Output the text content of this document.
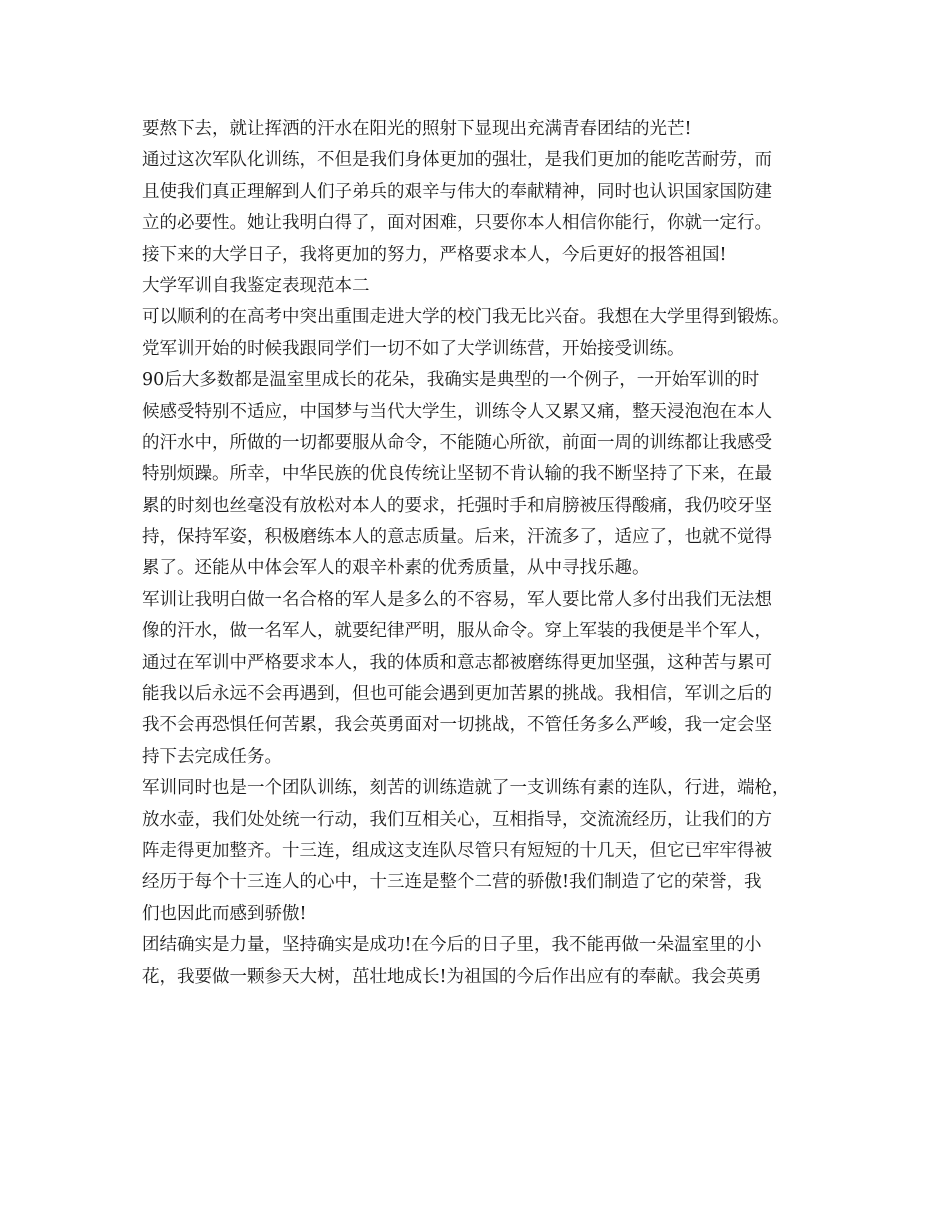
要熬下去，就让挥洒的汗水在阳光的照射下显现出充满青春团结的光芒!
通过这次军队化训练，不但是我们身体更加的强壮，是我们更加的能吃苦耐劳，而
且使我们真正理解到人们子弟兵的艰辛与伟大的奉献精神，同时也认识国家国防建
立的必要性。她让我明白得了，面对困难，只要你本人相信你能行，你就一定行。
接下来的大学日子，我将更加的努力，严格要求本人，今后更好的报答祖国!
大学军训自我鉴定表现范本二
可以顺利的在高考中突出重围走进大学的校门我无比兴奋。我想在大学里得到锻炼。
党军训开始的时候我跟同学们一切不如了大学训练营，开始接受训练。
90后大多数都是温室里成长的花朵，我确实是典型的一个例子，一开始军训的时
候感受特别不适应，中国梦与当代大学生，训练令人又累又痛，整天浸泡泡在本人
的汗水中，所做的一切都要服从命令，不能随心所欲，前面一周的训练都让我感受
特别烦躁。所幸，中华民族的优良传统让坚韧不肯认输的我不断坚持了下来，在最
累的时刻也丝毫没有放松对本人的要求，托强时手和肩膀被压得酸痛，我仍咬牙坚
持，保持军姿，积极磨练本人的意志质量。后来，汗流多了，适应了，也就不觉得
累了。还能从中体会军人的艰辛朴素的优秀质量，从中寻找乐趣。
军训让我明白做一名合格的军人是多么的不容易，军人要比常人多付出我们无法想
像的汗水，做一名军人，就要纪律严明，服从命令。穿上军装的我便是半个军人，
通过在军训中严格要求本人，我的体质和意志都被磨练得更加坚强，这种苦与累可
能我以后永远不会再遇到，但也可能会遇到更加苦累的挑战。我相信，军训之后的
我不会再恐惧任何苦累，我会英勇面对一切挑战，不管任务多么严峻，我一定会坚
持下去完成任务。
军训同时也是一个团队训练，刻苦的训练造就了一支训练有素的连队，行进，端枪，
放水壶，我们处处统一行动，我们互相关心，互相指导，交流流经历，让我们的方
阵走得更加整齐。十三连，组成这支连队尽管只有短短的十几天，但它已牢牢得被
经历于每个十三连人的心中，十三连是整个二营的骄傲!我们制造了它的荣誉，我
们也因此而感到骄傲!
团结确实是力量，坚持确实是成功!在今后的日子里，我不能再做一朵温室里的小
花，我要做一颗参天大树，茁壮地成长!为祖国的今后作出应有的奉献。我会英勇
